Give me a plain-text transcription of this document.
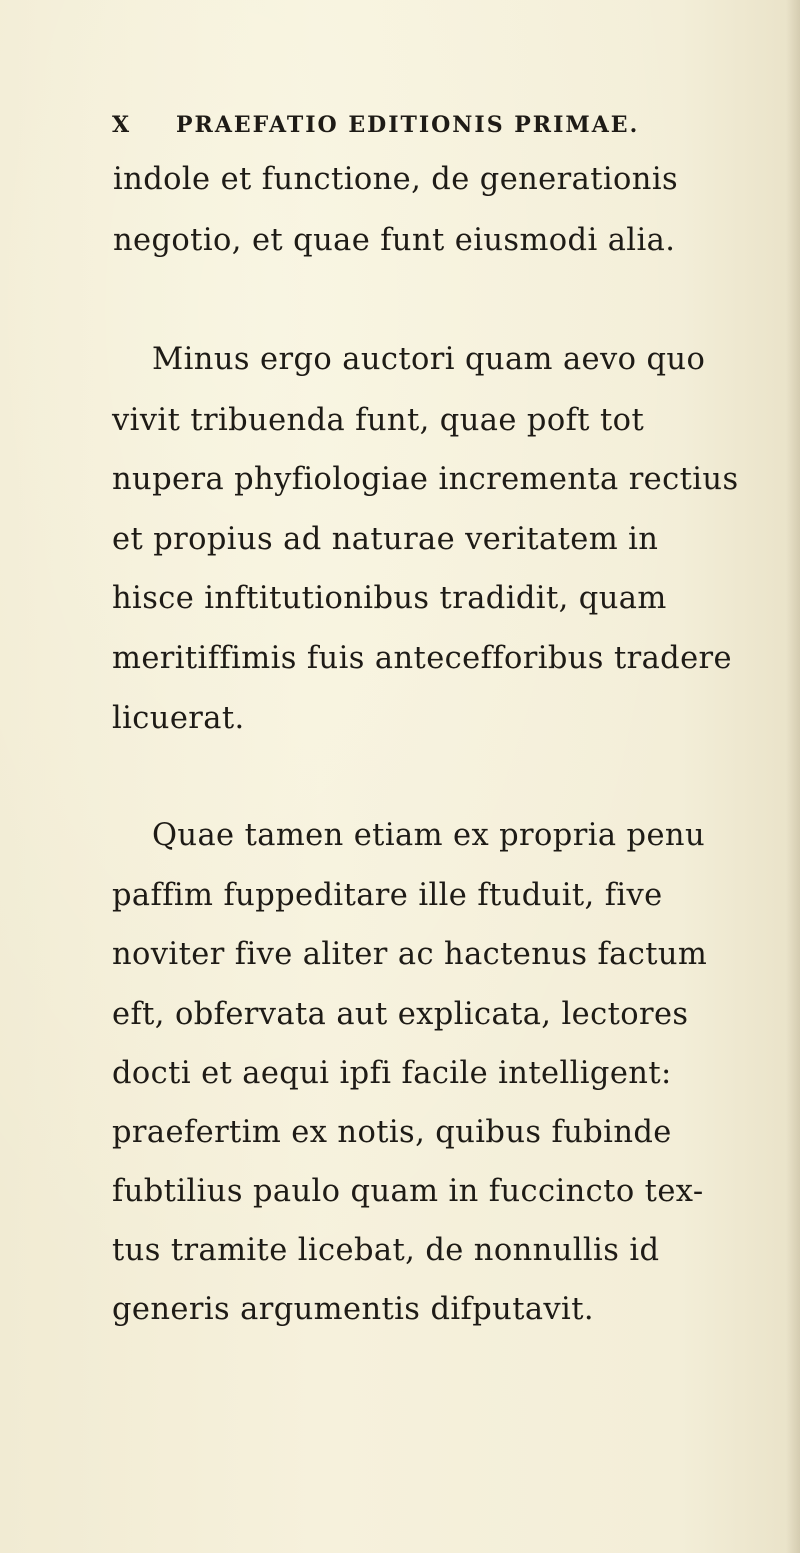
X PRAEFATIO EDITIONIS PRIMAE.
indole et functione, de generationis
negotio, et quae funt eiusmodi alia.
Minus ergo auctori quam aevo quo
vivit tribuenda funt, quae poft tot
nupera phyfiologiae incrementa rectius
et propius ad naturae veritatem in
hisce inftitutionibus tradidit, quam
meritiffimis fuis antecefforibus tradere
licuerat.
Quae tamen etiam ex propria penu
paffim fuppeditare ille ftuduit, five
noviter five aliter ac hactenus factum
eft, obfervata aut explicata, lectores
docti et aequi ipfi facile intelligent:
praefertim ex notis, quibus fubinde
fubtilius paulo quam in fuccincto tex-
tus tramite licebat, de nonnullis id
generis argumentis difputavit.
